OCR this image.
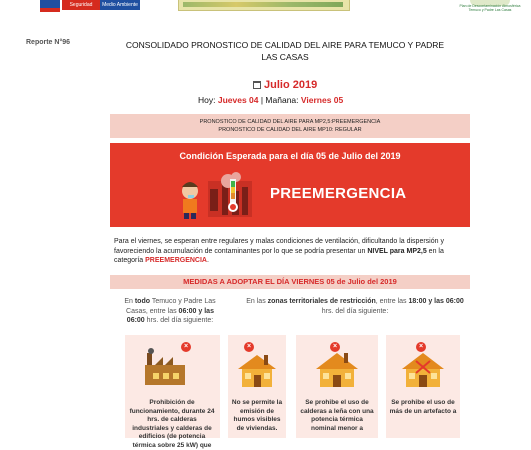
Seguridad Pública
Medio Ambiente	Plan de Descontaminación Atmosférica
Temuco y Padre Las Casas
Reporte N°96	CONSOLIDADO PRONOSTICO DE CALIDAD DEL AIRE PARA TEMUCO Y PADRE LAS CASAS
Julio 2019
Hoy: Jueves 04 | Mañana: Viernes 05
PRONOSTICO DE CALIDAD DEL AIRE PARA MP2,5:PREEMERGENCIA
PRONOSTICO DE CALIDAD DEL AIRE MP10: REGULAR
Condición Esperada para el día 05 de Julio del 2019
PREEMERGENCIA
Para el viernes, se esperan entre regulares y malas condiciones de ventilación, dificultando la dispersión y favoreciendo la acumulación de contaminantes por lo que se podría presentar un NIVEL para MP2,5 en la categoría PREEMERGENCIA.
MEDIDAS A ADOPTAR EL DÍA VIERNES 05 de Julio del 2019
En todo Temuco y Padre Las Casas, entre las 06:00 y las 06:00 hrs. del día siguiente:
En las zonas territoriales de restricción, entre las 18:00 y las 06:00 hrs. del día siguiente:
×
Prohibición de funcionamiento, durante 24 hrs. de calderas industriales y calderas de edificios (de potencia térmica sobre 25 kW) que
×
No se permite la emisión de humos visibles de viviendas.
×
Se prohibe el uso de calderas a leña con una potencia térmica nominal menor a
×
Se prohibe el uso de más de un artefacto a
